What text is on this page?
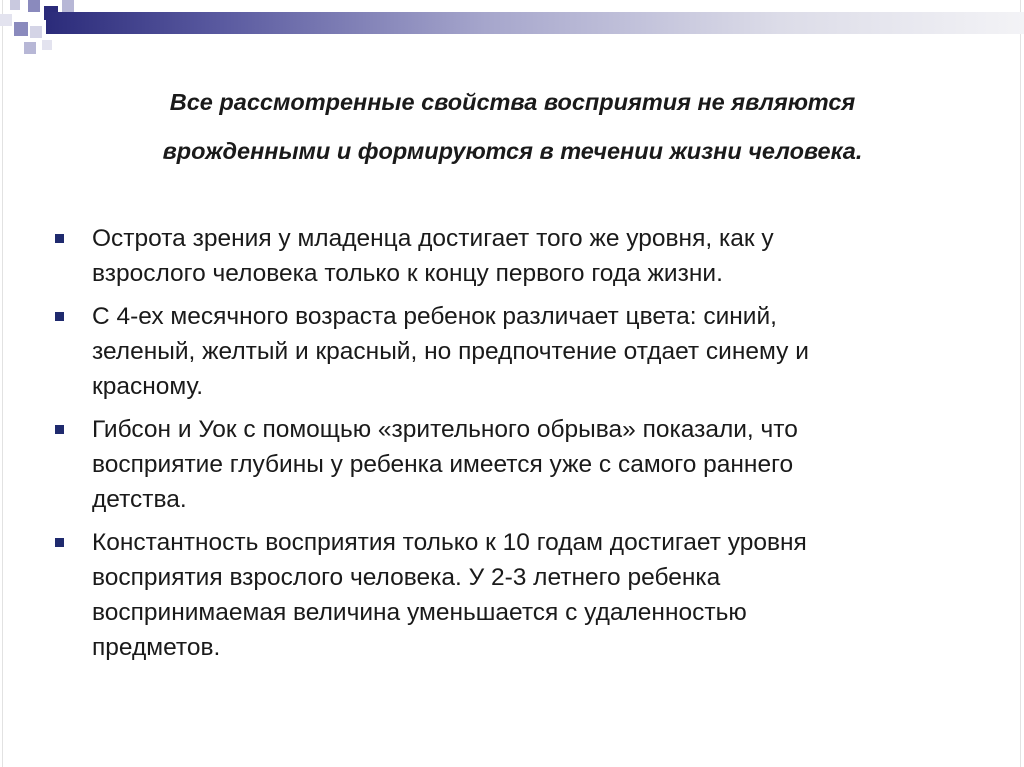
Все рассмотренные свойства восприятия не являются
врожденными и формируются в течении жизни человека.
Острота зрения у младенца достигает того же уровня, как у
взрослого человека только к концу первого года жизни.
С 4-ех месячного возраста ребенок различает цвета: синий,
зеленый, желтый и красный, но предпочтение отдает синему и
красному.
Гибсон и Уок с помощью «зрительного обрыва» показали, что
восприятие глубины у ребенка имеется уже с самого раннего
детства.
Константность восприятия только к 10 годам достигает уровня
восприятия взрослого человека. У 2-3 летнего ребенка
воспринимаемая величина уменьшается с удаленностью
предметов.
